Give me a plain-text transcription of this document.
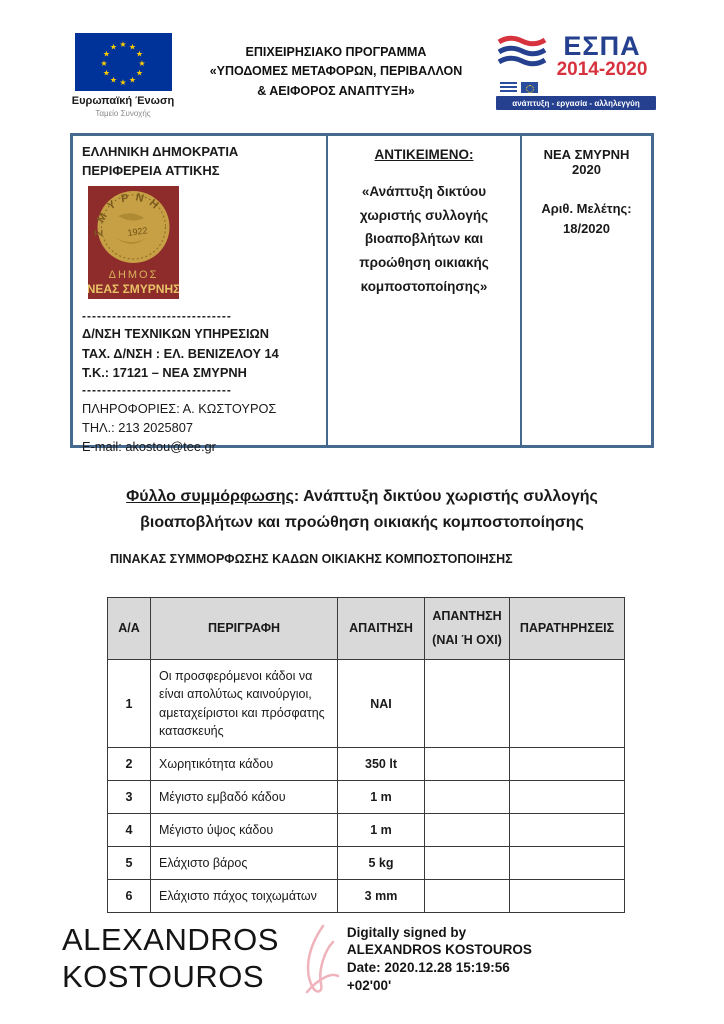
★ ★
★
★
★
★
★
★
★
★
★
★
Ευρωπαϊκή Ένωση
Ταμείο Συνοχής
ΕΠΙΧΕΙΡΗΣΙΑΚΟ ΠΡΟΓΡΑΜΜΑ
«ΥΠΟΔΟΜΕΣ ΜΕΤΑΦΟΡΩΝ, ΠΕΡΙΒΑΛΛΟΝ
& ΑΕΙΦΟΡΟΣ ΑΝΑΠΤΥΞΗ»
ΕΣΠΑ
2014-2020
ανάπτυξη - εργασία - αλληλεγγύη
ΕΛΛΗΝΙΚΗ ΔΗΜΟΚΡΑΤΙΑ
ΠΕΡΙΦΕΡΕΙΑ ΑΤΤΙΚΗΣ
ΣΜΥΡΝΗ
1922
ΔΗΜΟΣ
ΝΕΑΣ ΣΜΥΡΝΗΣ
------------------------------
Δ/ΝΣΗ ΤΕΧΝΙΚΩΝ ΥΠΗΡΕΣΙΩΝ
ΤΑΧ. Δ/ΝΣΗ : ΕΛ. ΒΕΝΙΖΕΛΟΥ 14
Τ.Κ.: 17121 – ΝΕΑ ΣΜΥΡΝΗ
------------------------------
ΠΛΗΡΟΦΟΡΙΕΣ: Α. ΚΩΣΤΟΥΡΟΣ
ΤΗΛ.: 213 2025807
E-mail: akostou@tee.gr
ΑΝΤΙΚΕΙΜΕΝΟ:
«Ανάπτυξη δικτύου χωριστής συλλογής βιοαποβλήτων και προώθηση οικιακής κομποστοποίησης»
ΝΕΑ ΣΜΥΡΝΗ 2020
Αριθ. Μελέτης:
18/2020
Φύλλο συμμόρφωσης: Ανάπτυξη δικτύου χωριστής συλλογής
βιοαποβλήτων και προώθηση οικιακής κομποστοποίησης
ΠΙΝΑΚΑΣ ΣΥΜΜΟΡΦΩΣΗΣ ΚΑΔΩΝ ΟΙΚΙΑΚΗΣ ΚΟΜΠΟΣΤΟΠΟΙΗΣΗΣ
Α/Α	ΠΕΡΙΓΡΑΦΗ	ΑΠΑΙΤΗΣΗ	ΑΠΑΝΤΗΣΗ
(ΝΑΙ Ή ΟΧΙ)	ΠΑΡΑΤΗΡΗΣΕΙΣ
1	Οι προσφερόμενοι κάδοι να είναι απολύτως καινούργιοι, αμεταχείριστοι και πρόσφατης κατασκευής	ΝΑΙ		
2	Χωρητικότητα κάδου	350 lt		
3	Μέγιστο εμβαδό κάδου	1 m		
4	Μέγιστο ύψος κάδου	1 m		
5	Ελάχιστο βάρος	5 kg		
6	Ελάχιστο πάχος τοιχωμάτων	3 mm		
ALEXANDROS
KOSTOUROS
Digitally signed by
ALEXANDROS KOSTOUROS
Date: 2020.12.28 15:19:56
+02'00'
